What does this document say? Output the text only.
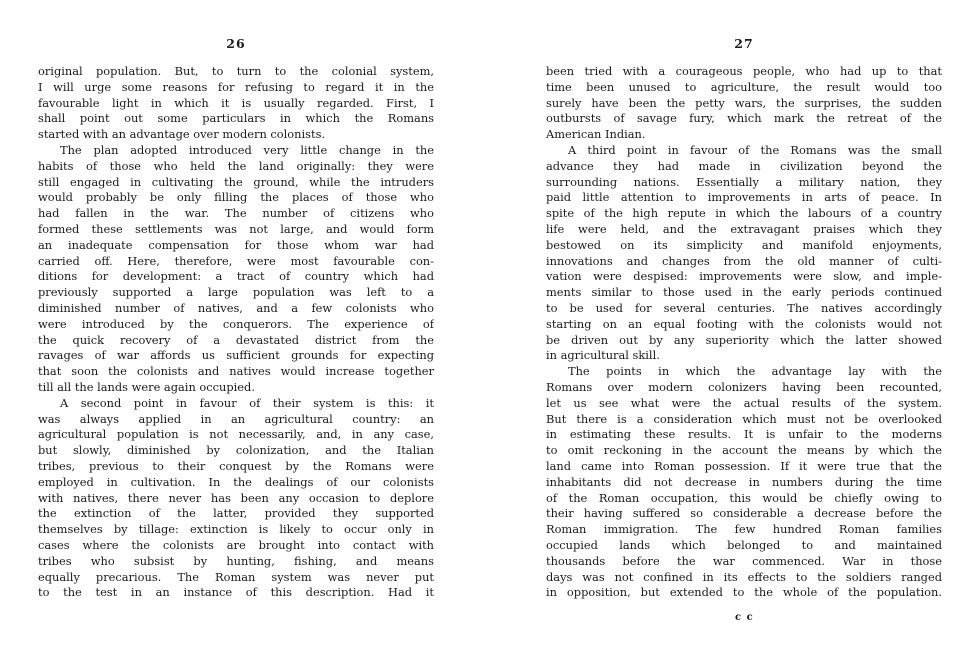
26
original population. But, to turn to the colonial system,
I will urge some reasons for refusing to regard it in the
favourable light in which it is usually regarded. First, I
shall point out some particulars in which the Romans
started with an advantage over modern colonists.
The plan adopted introduced very little change in the
habits of those who held the land originally: they were
still engaged in cultivating the ground, while the intruders
would probably be only filling the places of those who
had fallen in the war. The number of citizens who
formed these settlements was not large, and would form
an inadequate compensation for those whom war had
carried off. Here, therefore, were most favourable con-
ditions for development: a tract of country which had
previously supported a large population was left to a
diminished number of natives, and a few colonists who
were introduced by the conquerors. The experience of
the quick recovery of a devastated district from the
ravages of war affords us sufficient grounds for expecting
that soon the colonists and natives would increase together
till all the lands were again occupied.
A second point in favour of their system is this: it
was always applied in an agricultural country: an
agricultural population is not necessarily, and, in any case,
but slowly, diminished by colonization, and the Italian
tribes, previous to their conquest by the Romans were
employed in cultivation. In the dealings of our colonists
with natives, there never has been any occasion to deplore
the extinction of the latter, provided they supported
themselves by tillage: extinction is likely to occur only in
cases where the colonists are brought into contact with
tribes who subsist by hunting, fishing, and means
equally precarious. The Roman system was never put
to the test in an instance of this description. Had it
27
been tried with a courageous people, who had up to that
time been unused to agriculture, the result would too
surely have been the petty wars, the surprises, the sudden
outbursts of savage fury, which mark the retreat of the
American Indian.
A third point in favour of the Romans was the small
advance they had made in civilization beyond the
surrounding nations. Essentially a military nation, they
paid little attention to improvements in arts of peace. In
spite of the high repute in which the labours of a country
life were held, and the extravagant praises which they
bestowed on its simplicity and manifold enjoyments,
innovations and changes from the old manner of culti-
vation were despised: improvements were slow, and imple-
ments similar to those used in the early periods continued
to be used for several centuries. The natives accordingly
starting on an equal footing with the colonists would not
be driven out by any superiority which the latter showed
in agricultural skill.
The points in which the advantage lay with the
Romans over modern colonizers having been recounted,
let us see what were the actual results of the system.
But there is a consideration which must not be overlooked
in estimating these results. It is unfair to the moderns
to omit reckoning in the account the means by which the
land came into Roman possession. If it were true that the
inhabitants did not decrease in numbers during the time
of the Roman occupation, this would be chiefly owing to
their having suffered so considerable a decrease before the
Roman immigration. The few hundred Roman families
occupied lands which belonged to and maintained
thousands before the war commenced. War in those
days was not confined in its effects to the soldiers ranged
in opposition, but extended to the whole of the population.
c c
